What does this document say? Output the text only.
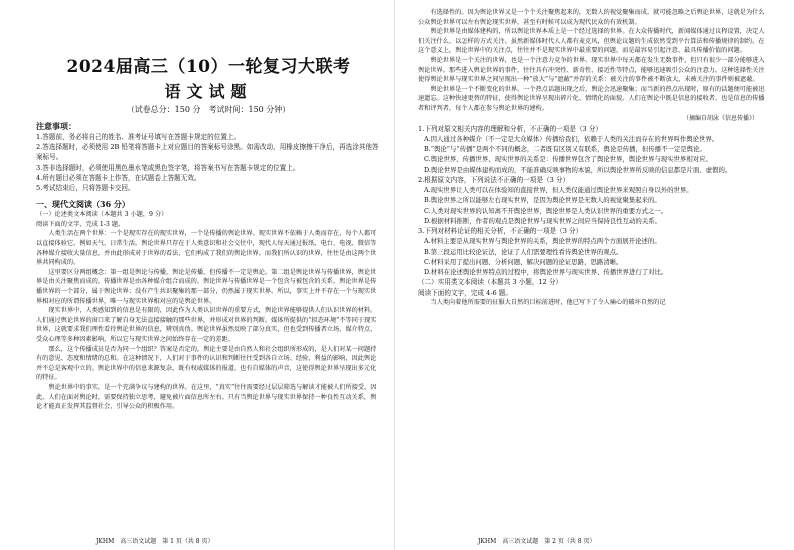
2024届高三（10）一轮复习大联考
语文试题
（试卷总分：150 分　考试时间：150 分钟）
注意事项：

1.答题前，务必将自己的姓名、准考证号填写在答题卡规定的位置上。

2.答选择题时，必须使用 2B 铅笔将答题卡上对应题目的答案标号涂黑。如需改动，用橡皮擦擦干净后，再选涂其他答案标号。

3.答非选择题时，必须使用黑色墨水笔或黑色签字笔，将答案书写在答题卡规定的位置上。

4.所有题目必须在答题卡上作答，在试题卷上答题无效。

5.考试结束后，只将答题卡交回。

一、现代文阅读（36 分）

（一）论述类文本阅读（本题共 3 小题，9 分）

阅读下面的文字，完成 1-3 题。

人类生活在两个世界：一个是现实存在的现实世界，一个是传播的舆论世界。现实世界不依赖于人类而存在，每个人都可以直接体验它，例如天气、日常生活。舆论世界只存在于人类意识和社会交往中，现代人每天通过报纸、电台、电视、微信等各种媒介接收大量信息，并由此形成对于世界的看法，它们构成了我们的舆论世界。而我们所认识的世界，往往是由这两个世界共同构成的。

这里要区分两组概念：第一组是舆论与传播，舆论是传播，但传播不一定是舆论。第二组是舆论世界与传播世界，舆论世界是由关注聚焦而成的，传播世界是由各种媒介组合而成的。舆论世界与传播世界是一个包含与被包含的关系，舆论世界是传播世界的一个部分，属于舆论世界；没有产生共识聚集的那一部分，仍然属于现实世界。所以，事实上并不存在一个与现实世界相对应的所谓传播世界，唯一与现实世界相对应的是舆论世界。

现实世界中，人类感知到的信息是有限的，因此作为人类认识世界的重要方式，舆论世界能够提供人们认识世界的材料。人们通过舆论世界的窗口来了解自身无法直接接触的那些世界，并形成对世界的判断。媒体所提供的“拟态环境”不等同于现实世界，这就要求我们理性看待舆论世界的信息，辨别真伪。舆论世界虽然反映了部分真实，但也受到传播者立场、媒介特点、受众心理等多种因素影响，所以它与现实世界之间始终存在一定的差距。

那么，这个传播成员是否为同一个组织？答案是否定的。舆论主要是由自然人和社会组织所形成的，是人们对某一问题持有的意见、态度和情绪的总和。在这种情况下，人们对于事件的认识和判断往往受到各自立场、经验、利益的影响，因此舆论并不总是客观中立的。舆论世界中的信息来源复杂，既有权威媒体的报道，也有自媒体的声音，这使得舆论世界呈现出多元化的特征。

舆论世界中的事实，是一个充满争议与建构的世界。在这里，“真实”往往需要经过层层筛选与解读才能被人们所接受。因此，人们在面对舆论时，需要保持独立思考，避免被片面信息所左右。只有当舆论世界与现实世界保持一种良性互动关系，舆论才能真正发挥其监督社会、引导公众的积极作用。

有选择性的。因为舆论世界又是一个个关注聚焦起来的，无数人的视觉聚集而成，就可能忽略之后舆论世界，这就是为什么公众舆论世界可以左右舆论现实世界，甚至有时候可以成为现代民众的有效机制。

舆论世界是由媒体建构的，所以舆论世界本质上是一个经过选择的世界。在大众传播时代，新闻媒体通过议程设置，决定人们关注什么、以怎样的方式关注。虽然新媒体时代人人都有麦克风，但舆论议题的生成依然受到平台算法和传播规律的制约。在这个意义上，舆论世界中的关注点，往往并不是现实世界中最重要的问题，而是最容易引起注意、最具传播价值的问题。

舆论世界是一个关注的世界，也是一个注意力竞争的世界。现实世界中每天都在发生无数事件，但只有很少一部分能够进入舆论世界。那些进入舆论世界的事件，往往具有冲突性、新奇性、接近性等特点，能够迅速吸引公众的注意力。这种选择性关注使得舆论世界与现实世界之间呈现出一种“放大”与“遮蔽”并存的关系：被关注的事件被不断放大，未被关注的事件则被遮蔽。

舆论世界是一个不断变化的世界。一个热点话题出现之后，舆论会迅速聚集；而当新的热点出现时，原有的话题便可能被迅速遗忘。这种快速更替的特征，使得舆论世界呈现出碎片化、情绪化的面貌。人们在舆论中既是信息的接收者，也是信息的传播者和评判者，每个人都在参与舆论世界的建构。

（摘编自胡泳《信息传播》）

1.下列对原文相关内容的理解和分析，不正确的一项是（3 分）

A.因人通过各种媒介（不一定是大众媒体）传播给我们，依赖于人类的关注而存在的世界叫作舆论世界。

B.“舆论”与“传播”是两个不同的概念，二者既有区别又有联系，舆论是传播，但传播不一定是舆论。

C.舆论世界、传播世界、现实世界的关系是：传播世界包含了舆论世界，舆论世界与现实世界相对应。

D.舆论世界是由媒体建构而成的，不能准确反映事物的本貌，所以舆论世界所反映的信息都是片面、虚假的。

2.根据原文内容，下列说法不正确的一项是（3 分）

A.现实世界让人类可以在体验知的直接世界，但人类仅能通过舆论世界来观照自身以外的世界。

B.舆论世界之所以能够左右现实世界，是因为舆论世界是无数人的视觉聚集起来的。

C.人类对现实世界的认知离不开舆论世界，舆论世界是人类认识世界的重要方式之一。

D.根据材料推断，作者的观点是舆论世界与现实世界之间应当保持良性互动的关系。

3.下列对材料论证的相关分析，不正确的一项是（3 分）

A.材料主要是从现实世界与舆论世界的关系，舆论世界的特点两个方面展开论述的。

B.第三段运用比较论证法，论证了人们需要理性看待舆论世界的观点。

C.材料采用了提出问题、分析问题、解决问题的论证思路，思路清晰。

D.材料在论述舆论世界特点的过程中，将舆论世界与现实世界、传播世界进行了对比。

（二）实用类文本阅读（本题共 3 小题，12 分）

阅读下面的文字，完成 4-6 题。

当人类向着他所需要的征服大自然的目标前进时，他已写下了令人痛心的破坏自然的记

JKHM　高三语文试题　第 1 页（共 8 页）	JKHM　高三语文试题　第 2 页（共 8 页）
